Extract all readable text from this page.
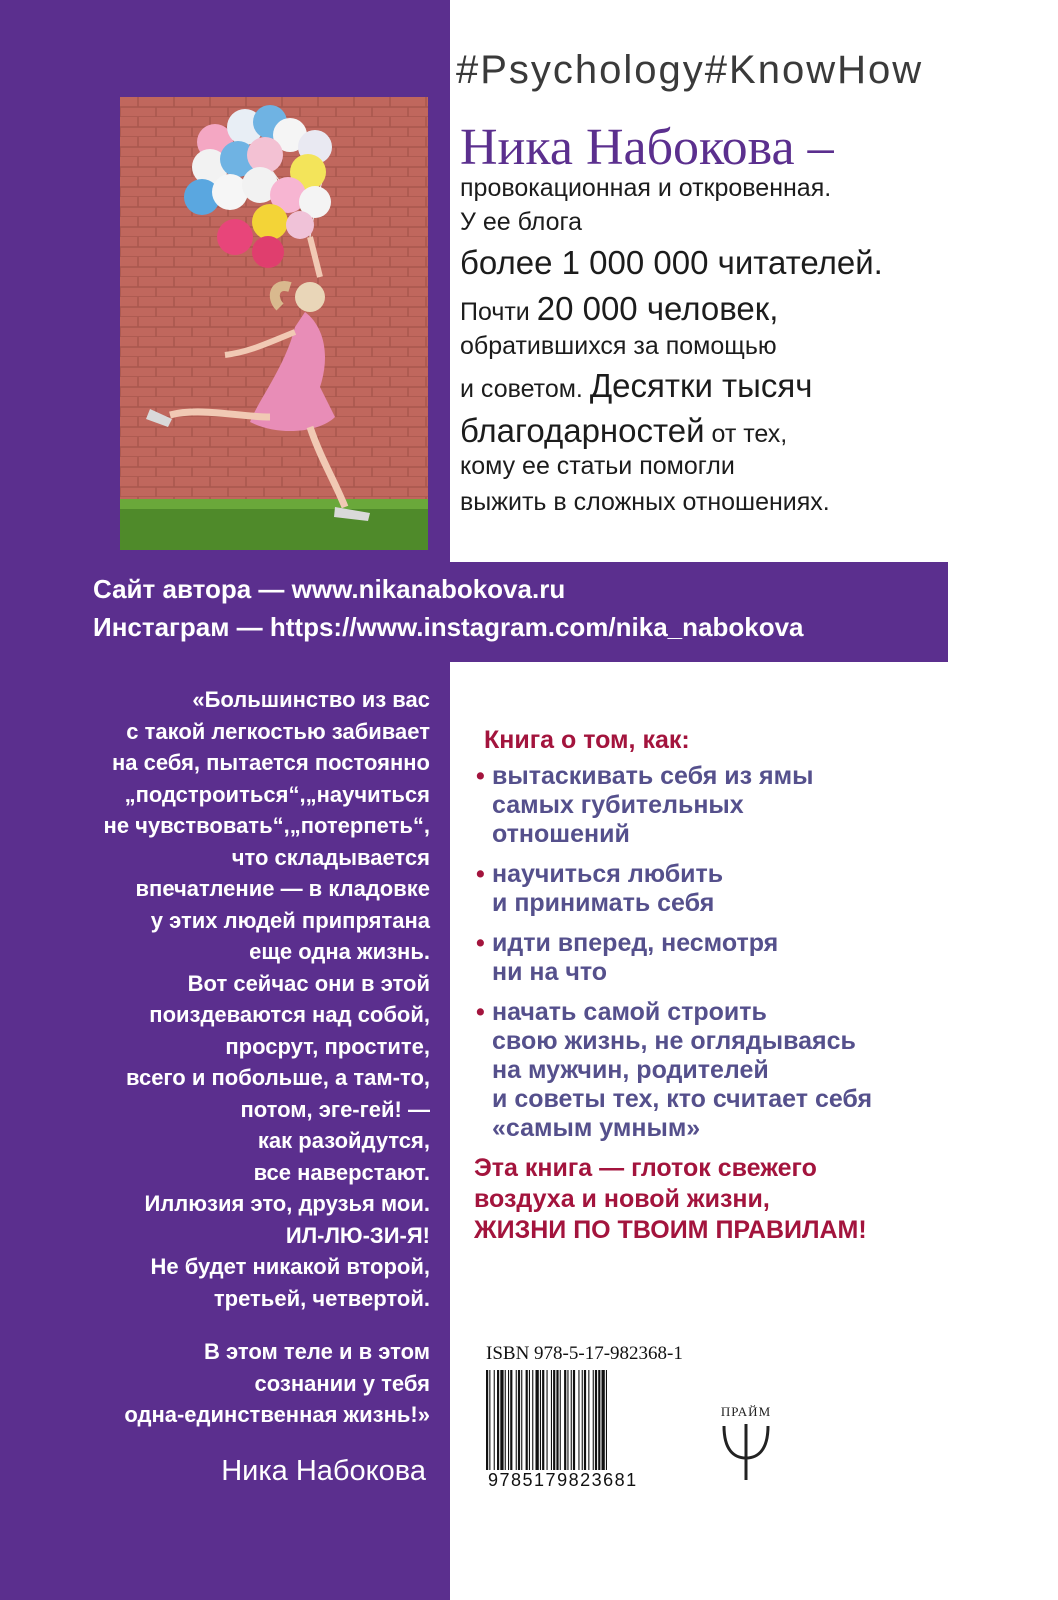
#Psychology#KnowHow
Ника Набокова –
провокационная и откровенная.
У ее блога
более 1 000 000 читателей.
Почти 20 000 человек,
обратившихся за помощью
и советом. Десятки тысяч
благодарностей от тех,
кому ее статьи помогли
выжить в сложных отношениях.
Сайт автора — www.nikanabokova.ru
Инстаграм — https://www.instagram.com/nika_nabokova
«Большинство из вас
с такой легкостью забивает
на себя, пытается постоянно
„подстроиться“,„научиться
не чувствовать“,„потерпеть“,
что складывается
впечатление — в кладовке
у этих людей припрятана
еще одна жизнь.
Вот сейчас они в этой
поиздеваются над собой,
просрут, простите,
всего и побольше, а там-то,
потом, эге-гей! —
как разойдутся,
все наверстают.
Иллюзия это, друзья мои.
ИЛ-ЛЮ-ЗИ-Я!
Не будет никакой второй,
третьей, четвертой.
В этом теле и в этом
сознании у тебя
одна-единственная жизнь!»
Ника Набокова
Книга о том, как:
• вытаскивать себя из ямы
самых губительных
отношений
• научиться любить
и принимать себя
• идти вперед, несмотря
ни на что
• начать самой строить
свою жизнь, не оглядываясь
на мужчин, родителей
и советы тех, кто считает себя
«самым умным»
Эта книга — глоток свежего
воздуха и новой жизни,
ЖИЗНИ ПО ТВОИМ ПРАВИЛАМ!
ISBN 978-5-17-982368-1
9785179823681
ПРАЙМ
